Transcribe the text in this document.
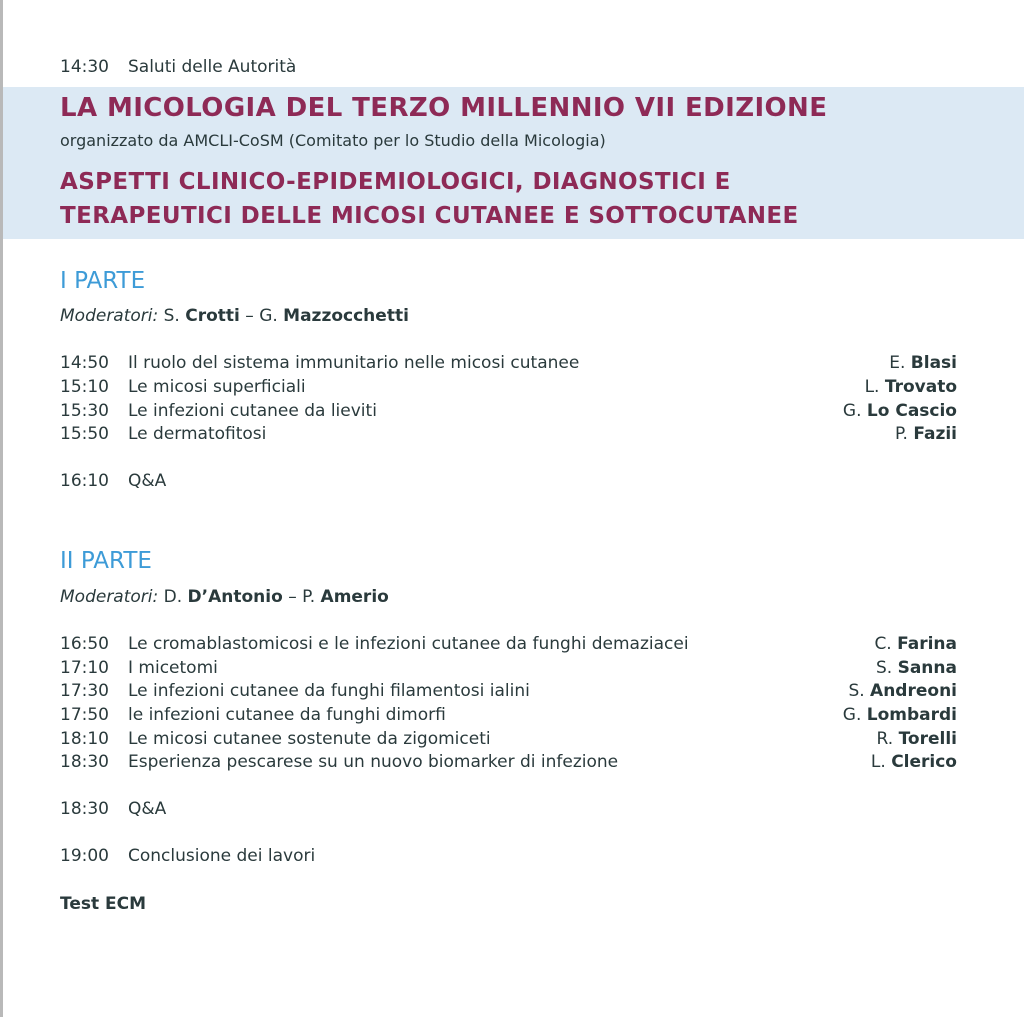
14:30 Saluti delle Autorità
LA MICOLOGIA DEL TERZO MILLENNIO VII EDIZIONE
organizzato da AMCLI-CoSM (Comitato per lo Studio della Micologia)
ASPETTI CLINICO-EPIDEMIOLOGICI, DIAGNOSTICI E
TERAPEUTICI DELLE MICOSI CUTANEE E SOTTOCUTANEE
I PARTE
Moderatori: S. Crotti – G. Mazzocchetti
14:50 Il ruolo del sistema immunitario nelle micosi cutanee	E. Blasi
15:10 Le micosi superficiali	L. Trovato
15:30 Le infezioni cutanee da lieviti	G. Lo Cascio
15:50 Le dermatofitosi	P. Fazii
16:10 Q&A
II PARTE
Moderatori: D. D’Antonio – P. Amerio
16:50 Le cromablastomicosi e le infezioni cutanee da funghi demaziacei	C. Farina
17:10 I micetomi	S. Sanna
17:30 Le infezioni cutanee da funghi filamentosi ialini	S. Andreoni
17:50 le infezioni cutanee da funghi dimorfi	G. Lombardi
18:10 Le micosi cutanee sostenute da zigomiceti	R. Torelli
18:30 Esperienza pescarese su un nuovo biomarker di infezione	L. Clerico
18:30 Q&A
19:00 Conclusione dei lavori
Test ECM
